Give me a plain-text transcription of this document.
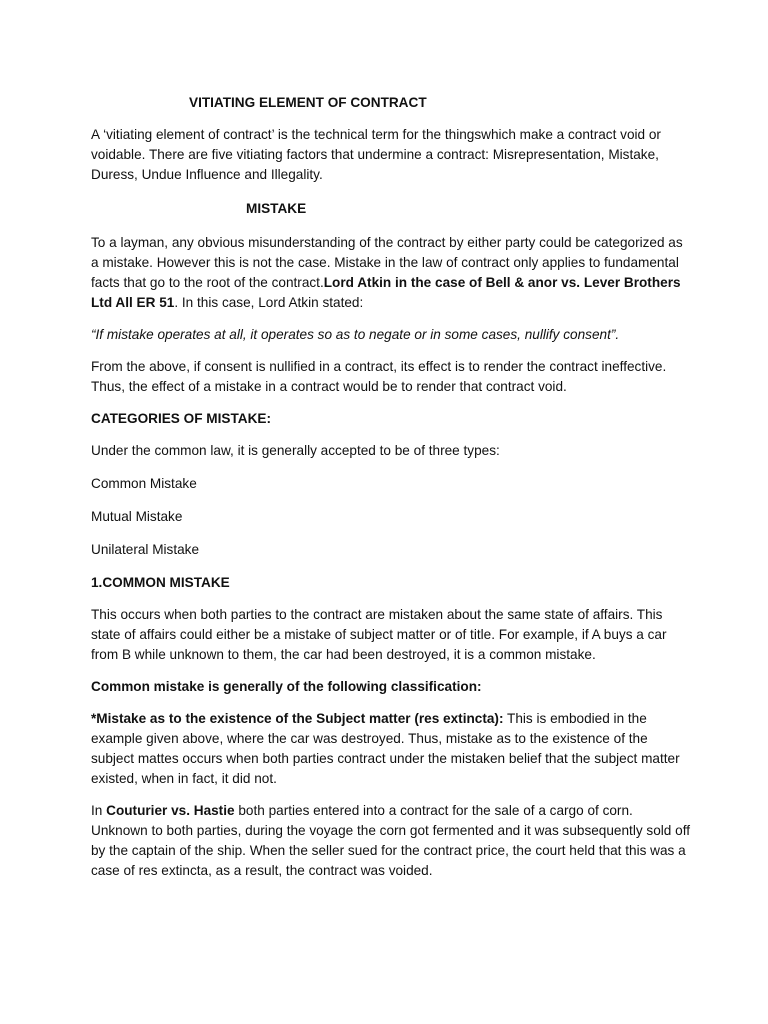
VITIATING ELEMENT OF CONTRACT

A ‘vitiating element of contract’ is the technical term for the thingswhich make a contract void or voidable. There are five vitiating factors that undermine a contract: Misrepresentation, Mistake, Duress, Undue Influence and Illegality.

MISTAKE

To a layman, any obvious misunderstanding of the contract by either party could be categorized as a mistake. However this is not the case. Mistake in the law of contract only applies to fundamental facts that go to the root of the contract.Lord Atkin in the case of Bell & anor vs. Lever Brothers Ltd All ER 51. In this case, Lord Atkin stated:

“If mistake operates at all, it operates so as to negate or in some cases, nullify consent”.

From the above, if consent is nullified in a contract, its effect is to render the contract ineffective. Thus, the effect of a mistake in a contract would be to render that contract void.

CATEGORIES OF MISTAKE:

Under the common law, it is generally accepted to be of three types:

Common Mistake

Mutual Mistake

Unilateral Mistake

1.COMMON MISTAKE

This occurs when both parties to the contract are mistaken about the same state of affairs. This state of affairs could either be a mistake of subject matter or of title. For example, if A buys a car from B while unknown to them, the car had been destroyed, it is a common mistake.

Common mistake is generally of the following classification:

*Mistake as to the existence of the Subject matter (res extincta): This is embodied in the example given above, where the car was destroyed. Thus, mistake as to the existence of the subject mattes occurs when both parties contract under the mistaken belief that the subject matter existed, when in fact, it did not.

In Couturier vs. Hastie both parties entered into a contract for the sale of a cargo of corn. Unknown to both parties, during the voyage the corn got fermented and it was subsequently sold off by the captain of the ship. When the seller sued for the contract price, the court held that this was a case of res extincta, as a result, the contract was voided.
